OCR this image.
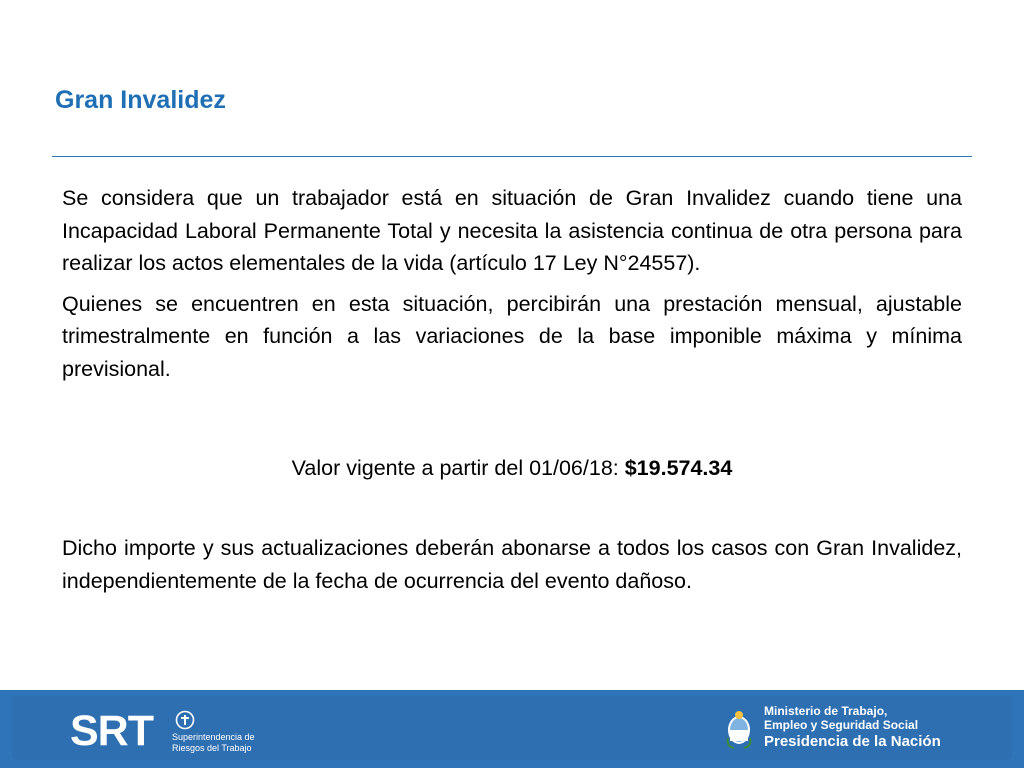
Gran Invalidez

Se considera que un trabajador está en situación de Gran Invalidez cuando tiene una Incapacidad Laboral Permanente Total y necesita la asistencia continua de otra persona para realizar los actos elementales de la vida (artículo 17 Ley N°24557).

Quienes se encuentren en esta situación, percibirán una prestación mensual, ajustable trimestralmente en función a las variaciones de la base imponible máxima y mínima previsional.

Valor vigente a partir del 01/06/18: $19.574.34

Dicho importe y sus actualizaciones deberán abonarse a todos los casos con Gran Invalidez, independientemente de la fecha de ocurrencia del evento dañoso.

SRT Superintendencia de
Riesgos del Trabajo
Ministerio de Trabajo,
Empleo y Seguridad Social
Presidencia de la Nación
